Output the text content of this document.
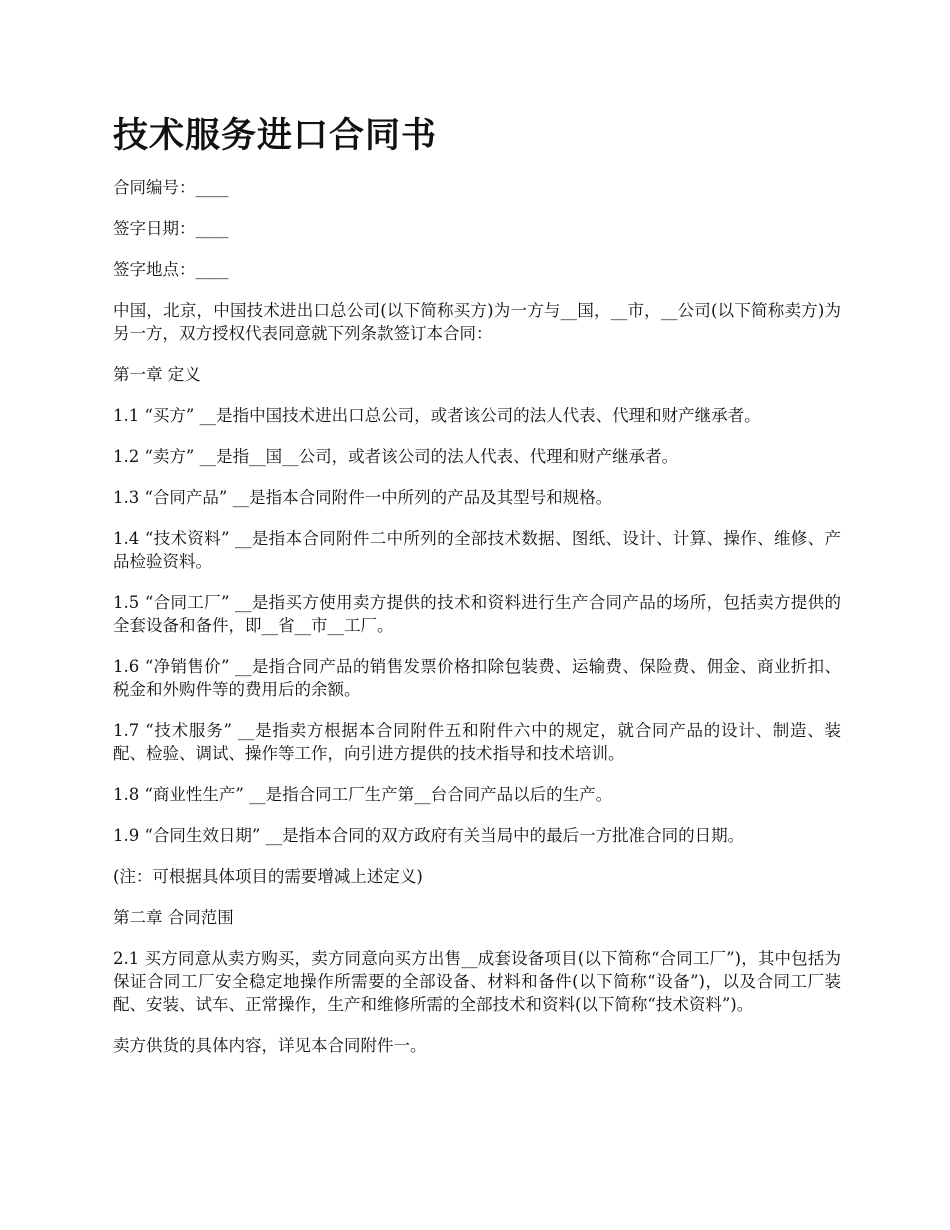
技术服务进口合同书

合同编号：____

签字日期：____

签字地点：____

中国，北京，中国技术进出口总公司(以下简称买方)为一方与__国，__市，__公司(以下简称卖方)为另一方，双方授权代表同意就下列条款签订本合同：

第一章 定义

1.1 “买方” __是指中国技术进出口总公司，或者该公司的法人代表、代理和财产继承者。

1.2 “卖方” __是指__国__公司，或者该公司的法人代表、代理和财产继承者。

1.3 “合同产品” __是指本合同附件一中所列的产品及其型号和规格。

1.4 “技术资料” __是指本合同附件二中所列的全部技术数据、图纸、设计、计算、操作、维修、产品检验资料。

1.5 “合同工厂” __是指买方使用卖方提供的技术和资料进行生产合同产品的场所，包括卖方提供的全套设备和备件，即__省__市__工厂。

1.6 “净销售价” __是指合同产品的销售发票价格扣除包装费、运输费、保险费、佣金、商业折扣、税金和外购件等的费用后的余额。

1.7 “技术服务” __是指卖方根据本合同附件五和附件六中的规定，就合同产品的设计、制造、装配、检验、调试、操作等工作，向引进方提供的技术指导和技术培训。

1.8 “商业性生产” __是指合同工厂生产第__台合同产品以后的生产。

1.9 “合同生效日期” __是指本合同的双方政府有关当局中的最后一方批准合同的日期。

(注：可根据具体项目的需要增减上述定义)

第二章 合同范围

2.1 买方同意从卖方购买，卖方同意向买方出售__成套设备项目(以下简称“合同工厂”)，其中包括为保证合同工厂安全稳定地操作所需要的全部设备、材料和备件(以下简称“设备”)，以及合同工厂装配、安装、试车、正常操作，生产和维修所需的全部技术和资料(以下简称“技术资料”)。

卖方供货的具体内容，详见本合同附件一。
